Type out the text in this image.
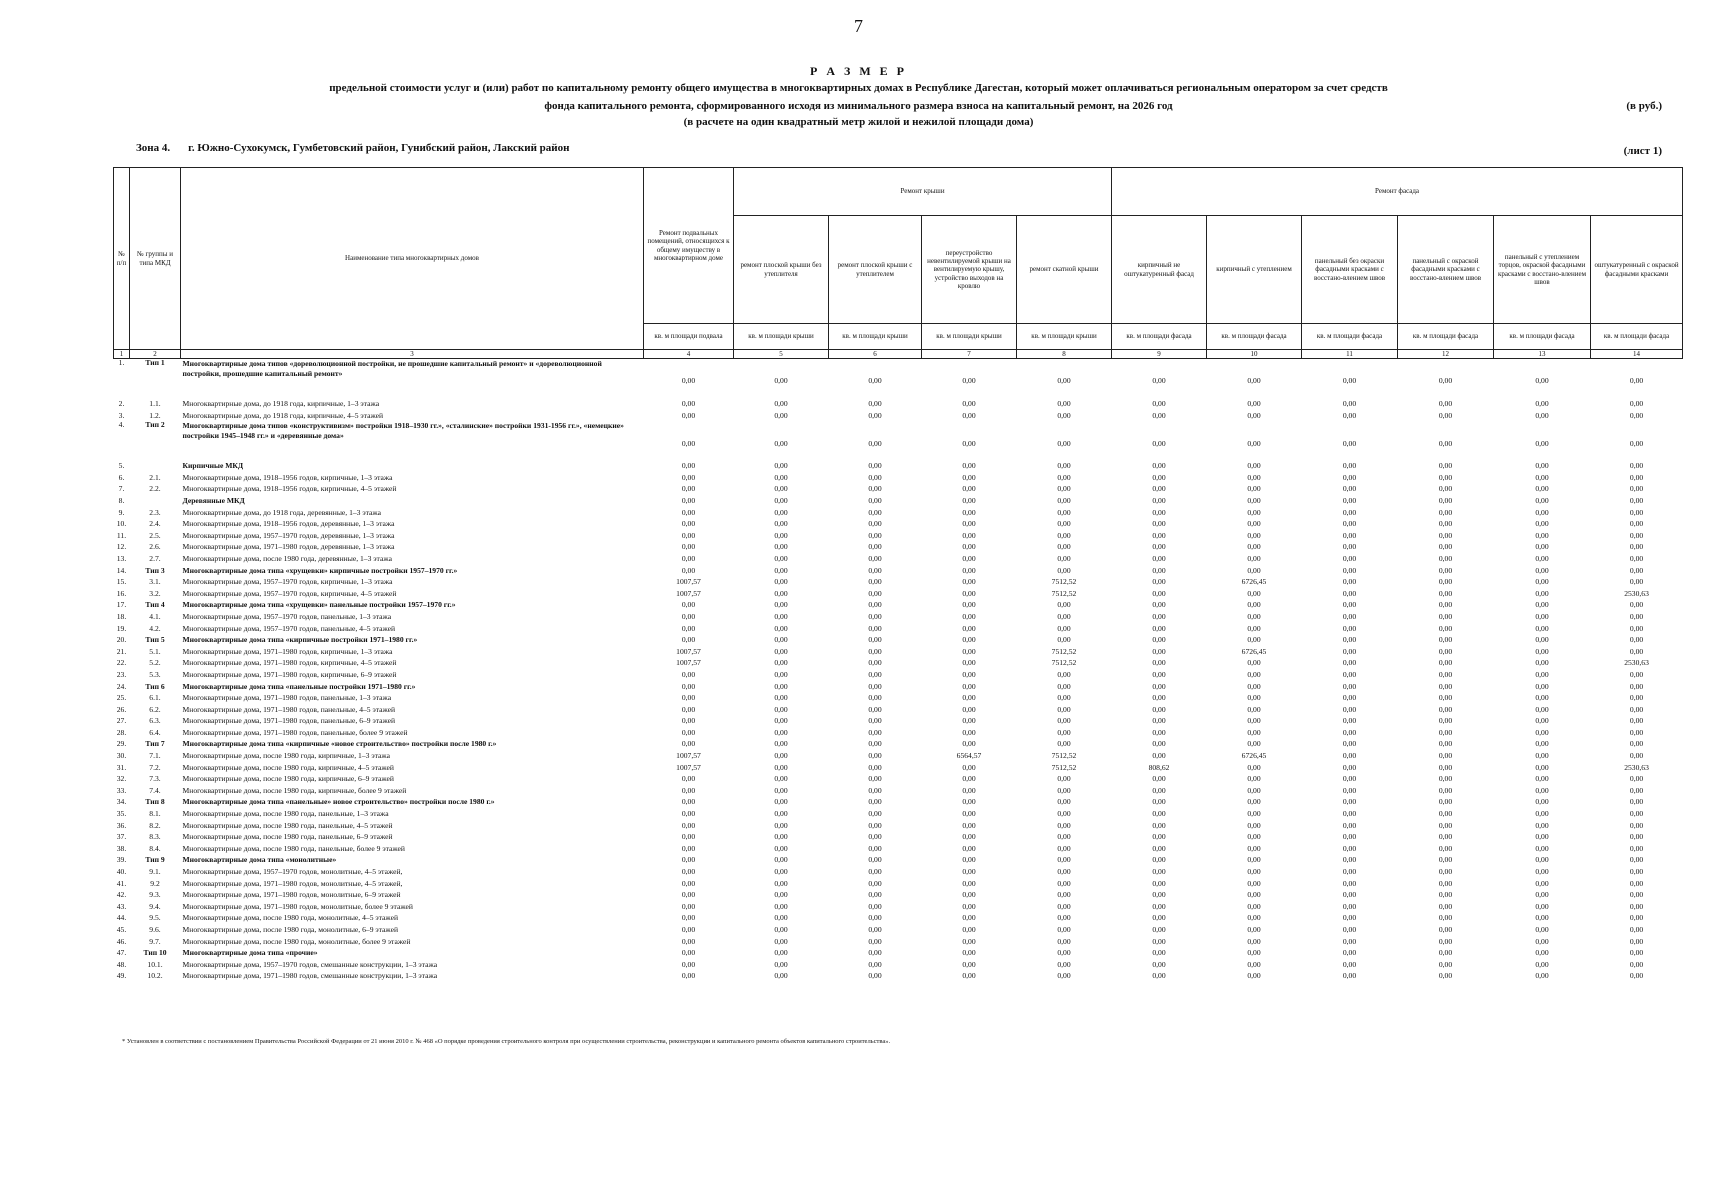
7
Р А З М Е Р
предельной стоимости услуг и (или) работ по капитальному ремонту общего имущества в многоквартирных домах в Республике Дагестан, который может оплачиваться региональным оператором за счет средств
фонда капитального ремонта, сформированного исходя из минимального размера взноса на капитальный ремонт, на 2026 год
(в расчете на один квадратный метр жилой и нежилой площади дома)
(в руб.)
Зона 4. г. Южно-Сухокумск, Гумбетовский район, Гунибский район, Лакский район	(лист 1)
№ п/п	№ группы и типа МКД	Наименование типа многоквартирных домов	Ремонт подвальных помещений, относящихся к общему имуществу в многоквартирном доме	Ремонт крыши				Ремонт фасада					
				ремонт плоской крыши без утеплителя	ремонт плоской крыши с утеплителем	переустройство невентилируемой крыши на вентилируемую крышу, устройство выходов на кровлю	ремонт скатной крыши	кирпичный не оштукатуренный фасад	кирпичный с утеплением	панельный без окраски фасадными красками с восстано-влением швов	панельный с окраской фасадными красками с восстано-влением швов	панельный с утеплением торцов, окраской фасадными красками с восстано-влением швов	оштукатуренный с окраской фасадными красками
			кв. м площади подвала	кв. м площади крыши	кв. м площади крыши	кв. м площади крыши	кв. м площади крыши	кв. м площади фасада	кв. м площади фасада	кв. м площади фасада	кв. м площади фасада	кв. м площади фасада	кв. м площади фасада
1	2	3	4	5	6	7	8	9	10	11	12	13	14
1.	Тип 1	Многоквартирные дома типов «дореволюционной постройки, не прошедшие капитальный ремонт» и «дореволюционной постройки, прошедшие капитальный ремонт»	0,00	0,00	0,00	0,00	0,00	0,00	0,00	0,00	0,00	0,00	0,00

2.	1.1.	Многоквартирные дома, до 1918 года, кирпичные, 1–3 этажа	0,00	0,00	0,00	0,00	0,00	0,00	0,00	0,00	0,00	0,00	0,00
3.	1.2.	Многоквартирные дома, до 1918 года, кирпичные, 4–5 этажей	0,00	0,00	0,00	0,00	0,00	0,00	0,00	0,00	0,00	0,00	0,00
4.	Тип 2	Многоквартирные дома типов «конструктивизм» постройки 1918–1930 гг.», «сталинские» постройки 1931-1956 гг.», «немецкие» постройки 1945–1948 гг.» и «деревянные дома»	0,00	0,00	0,00	0,00	0,00	0,00	0,00	0,00	0,00	0,00	0,00

5.		Кирпичные МКД	0,00	0,00	0,00	0,00	0,00	0,00	0,00	0,00	0,00	0,00	0,00
6.	2.1.	Многоквартирные дома, 1918–1956 годов, кирпичные, 1–3 этажа	0,00	0,00	0,00	0,00	0,00	0,00	0,00	0,00	0,00	0,00	0,00
7.	2.2.	Многоквартирные дома, 1918–1956 годов, кирпичные, 4–5 этажей	0,00	0,00	0,00	0,00	0,00	0,00	0,00	0,00	0,00	0,00	0,00
8.		Деревянные МКД	0,00	0,00	0,00	0,00	0,00	0,00	0,00	0,00	0,00	0,00	0,00
9.	2.3.	Многоквартирные дома, до 1918 года, деревянные, 1–3 этажа	0,00	0,00	0,00	0,00	0,00	0,00	0,00	0,00	0,00	0,00	0,00
10.	2.4.	Многоквартирные дома, 1918–1956 годов, деревянные, 1–3 этажа	0,00	0,00	0,00	0,00	0,00	0,00	0,00	0,00	0,00	0,00	0,00
11.	2.5.	Многоквартирные дома, 1957–1970 годов, деревянные, 1–3 этажа	0,00	0,00	0,00	0,00	0,00	0,00	0,00	0,00	0,00	0,00	0,00
12.	2.6.	Многоквартирные дома, 1971–1980 годов, деревянные, 1–3 этажа	0,00	0,00	0,00	0,00	0,00	0,00	0,00	0,00	0,00	0,00	0,00
13.	2.7.	Многоквартирные дома, после 1980 года, деревянные, 1–3 этажа	0,00	0,00	0,00	0,00	0,00	0,00	0,00	0,00	0,00	0,00	0,00
14.	Тип 3	Многоквартирные дома типа «хрущевки» кирпичные постройки 1957–1970 гг.»	0,00	0,00	0,00	0,00	0,00	0,00	0,00	0,00	0,00	0,00	0,00
15.	3.1.	Многоквартирные дома, 1957–1970 годов, кирпичные, 1–3 этажа	1007,57	0,00	0,00	0,00	7512,52	0,00	6726,45	0,00	0,00	0,00	0,00
16.	3.2.	Многоквартирные дома, 1957–1970 годов, кирпичные, 4–5 этажей	1007,57	0,00	0,00	0,00	7512,52	0,00	0,00	0,00	0,00	0,00	2530,63
17.	Тип 4	Многоквартирные дома типа «хрущевки» панельные постройки 1957–1970 гг.»	0,00	0,00	0,00	0,00	0,00	0,00	0,00	0,00	0,00	0,00	0,00
18.	4.1.	Многоквартирные дома, 1957–1970 годов, панельные, 1–3 этажа	0,00	0,00	0,00	0,00	0,00	0,00	0,00	0,00	0,00	0,00	0,00
19.	4.2.	Многоквартирные дома, 1957–1970 годов, панельные, 4–5 этажей	0,00	0,00	0,00	0,00	0,00	0,00	0,00	0,00	0,00	0,00	0,00
20.	Тип 5	Многоквартирные дома типа «кирпичные постройки 1971–1980 гг.»	0,00	0,00	0,00	0,00	0,00	0,00	0,00	0,00	0,00	0,00	0,00
21.	5.1.	Многоквартирные дома, 1971–1980 годов, кирпичные, 1–3 этажа	1007,57	0,00	0,00	0,00	7512,52	0,00	6726,45	0,00	0,00	0,00	0,00
22.	5.2.	Многоквартирные дома, 1971–1980 годов, кирпичные, 4–5 этажей	1007,57	0,00	0,00	0,00	7512,52	0,00	0,00	0,00	0,00	0,00	2530,63
23.	5.3.	Многоквартирные дома, 1971–1980 годов, кирпичные, 6–9 этажей	0,00	0,00	0,00	0,00	0,00	0,00	0,00	0,00	0,00	0,00	0,00
24.	Тип 6	Многоквартирные дома типа «панельные постройки 1971–1980 гг.»	0,00	0,00	0,00	0,00	0,00	0,00	0,00	0,00	0,00	0,00	0,00
25.	6.1.	Многоквартирные дома, 1971–1980 годов, панельные, 1–3 этажа	0,00	0,00	0,00	0,00	0,00	0,00	0,00	0,00	0,00	0,00	0,00
26.	6.2.	Многоквартирные дома, 1971–1980 годов, панельные, 4–5 этажей	0,00	0,00	0,00	0,00	0,00	0,00	0,00	0,00	0,00	0,00	0,00
27.	6.3.	Многоквартирные дома, 1971–1980 годов, панельные, 6–9 этажей	0,00	0,00	0,00	0,00	0,00	0,00	0,00	0,00	0,00	0,00	0,00
28.	6.4.	Многоквартирные дома, 1971–1980 годов, панельные, более 9 этажей	0,00	0,00	0,00	0,00	0,00	0,00	0,00	0,00	0,00	0,00	0,00
29.	Тип 7	Многоквартирные дома типа «кирпичные «новое строительство» постройки после 1980 г.»	0,00	0,00	0,00	0,00	0,00	0,00	0,00	0,00	0,00	0,00	0,00
30.	7.1.	Многоквартирные дома, после 1980 года, кирпичные, 1–3 этажа	1007,57	0,00	0,00	6564,57	7512,52	0,00	6726,45	0,00	0,00	0,00	0,00
31.	7.2.	Многоквартирные дома, после 1980 года, кирпичные, 4–5 этажей	1007,57	0,00	0,00	0,00	7512,52	808,62	0,00	0,00	0,00	0,00	2530,63
32.	7.3.	Многоквартирные дома, после 1980 года, кирпичные, 6–9 этажей	0,00	0,00	0,00	0,00	0,00	0,00	0,00	0,00	0,00	0,00	0,00
33.	7.4.	Многоквартирные дома, после 1980 года, кирпичные, более 9 этажей	0,00	0,00	0,00	0,00	0,00	0,00	0,00	0,00	0,00	0,00	0,00
34.	Тип 8	Многоквартирные дома типа «панельные» новое строительство» постройки после 1980 г.»	0,00	0,00	0,00	0,00	0,00	0,00	0,00	0,00	0,00	0,00	0,00
35.	8.1.	Многоквартирные дома, после 1980 года, панельные, 1–3 этажа	0,00	0,00	0,00	0,00	0,00	0,00	0,00	0,00	0,00	0,00	0,00
36.	8.2.	Многоквартирные дома, после 1980 года, панельные, 4–5 этажей	0,00	0,00	0,00	0,00	0,00	0,00	0,00	0,00	0,00	0,00	0,00
37.	8.3.	Многоквартирные дома, после 1980 года, панельные, 6–9 этажей	0,00	0,00	0,00	0,00	0,00	0,00	0,00	0,00	0,00	0,00	0,00
38.	8.4.	Многоквартирные дома, после 1980 года, панельные, более 9 этажей	0,00	0,00	0,00	0,00	0,00	0,00	0,00	0,00	0,00	0,00	0,00
39.	Тип 9	Многоквартирные дома типа «монолитные»	0,00	0,00	0,00	0,00	0,00	0,00	0,00	0,00	0,00	0,00	0,00
40.	9.1.	Многоквартирные дома, 1957–1970 годов, монолитные, 4–5 этажей,	0,00	0,00	0,00	0,00	0,00	0,00	0,00	0,00	0,00	0,00	0,00
41.	9.2	Многоквартирные дома, 1971–1980 годов, монолитные, 4–5 этажей,	0,00	0,00	0,00	0,00	0,00	0,00	0,00	0,00	0,00	0,00	0,00
42.	9.3.	Многоквартирные дома, 1971–1980 годов, монолитные, 6–9 этажей	0,00	0,00	0,00	0,00	0,00	0,00	0,00	0,00	0,00	0,00	0,00
43.	9.4.	Многоквартирные дома, 1971–1980 годов, монолитные, более 9 этажей	0,00	0,00	0,00	0,00	0,00	0,00	0,00	0,00	0,00	0,00	0,00
44.	9.5.	Многоквартирные дома, после 1980 года, монолитные, 4–5 этажей	0,00	0,00	0,00	0,00	0,00	0,00	0,00	0,00	0,00	0,00	0,00
45.	9.6.	Многоквартирные дома, после 1980 года, монолитные, 6–9 этажей	0,00	0,00	0,00	0,00	0,00	0,00	0,00	0,00	0,00	0,00	0,00
46.	9.7.	Многоквартирные дома, после 1980 года, монолитные, более 9 этажей	0,00	0,00	0,00	0,00	0,00	0,00	0,00	0,00	0,00	0,00	0,00
47.	Тип 10	Многоквартирные дома типа «прочие»	0,00	0,00	0,00	0,00	0,00	0,00	0,00	0,00	0,00	0,00	0,00
48.	10.1.	Многоквартирные дома, 1957–1970 годов, смешанные конструкции, 1–3 этажа	0,00	0,00	0,00	0,00	0,00	0,00	0,00	0,00	0,00	0,00	0,00
49.	10.2.	Многоквартирные дома, 1971–1980 годов, смешанные конструкции, 1–3 этажа	0,00	0,00	0,00	0,00	0,00	0,00	0,00	0,00	0,00	0,00	0,00
* Установлен в соответствии с постановлением Правительства Российской Федерации от 21 июня 2010 г. № 468 «О порядке проведения строительного контроля при осуществлении строительства, реконструкции и капитального ремонта объектов капитального строительства».
